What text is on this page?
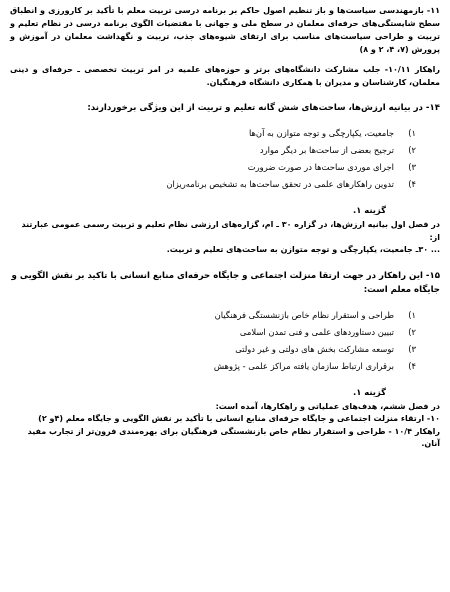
۱۱- بازمهندسی سیاست‌ها و باز تنظیم اصول حاکم بر برنامه درسی تربیت معلم با تأکید بر کارورزی و انطباق سطح شایستگی‌های حرفه‌ای معلمان در سطح ملی و جهانی با مقتضیات الگوی برنامه درسی در نظام تعلیم و تربیت و طراحی سیاست‌های مناسب برای ارتقای شیوه‌های جذب، تربیت و نگهداشت معلمان در آموزش و پرورش (۷، ۴، ۲ و ۸)

راهکار ۱۰/۱۱- جلب مشارکت دانشگاه‌های برتر و حوزه‌های علمیه در امر تربیت تخصصی ـ حرفه‌ای و دینی معلمان، کارشناسان و مدیران با همکاری دانشگاه فرهنگیان.

۱۴- در بیانیه ارزش‌ها، ساحت‌های شش گانه تعلیم و تربیت از این ویژگی برخوردارند:

۱)
جامعیت، یکپارچگی و توجه متوازن به آن‌ها
۲)
ترجیح بعضی از ساحت‌ها بر دیگر موارد
۳)
اجرای موردی ساحت‌ها در صورت ضرورت
۴)
تدوین راهکارهای علمی در تحقق ساحت‌ها به تشخیص برنامه‌ریزان

گزینه ۱.

در فصل اول بیانیه ارزش‌ها، در گزاره ۳۰ ـ ام، گزاره‌های ارزشی نظام تعلیم و تربیت رسمی عمومی عبارتند از:
... ۳۰ـ جامعیت، یکپارچگی و توجه متوازن به ساحت‌های تعلیم و تربیت.

۱۵- این راهکار در جهت ارتقا منزلت اجتماعی و جایگاه حرفه‌ای منابع انسانی با تاکید بر نقش الگویی و جایگاه معلم است:

۱)
طراحی و استقرار نظام خاص بازنشستگی فرهنگیان
۲)
تبیین دستاوردهای علمی و فنی تمدن اسلامی
۳)
توسعه مشارکت بخش های دولتی و غیر دولتی
۴)
برقراری ارتباط سازمان یافته مراکز علمی - پژوهش

گزینه ۱.

در فصل ششم، هدف‌های عملیاتی و راهکارها، آمده است:
۱۰- ارتقاء منزلت اجتماعی و جایگاه حرفه‌ای منابع انسانی با تأکید بر نقش الگویی و جایگاه معلم (۴و ۲)
راهکار ۱۰/۴ - طراحی و استقرار نظام خاص بازنشستگی فرهنگیان برای بهره‌مندی فرون‌تر از تجارب مفید آنان.
